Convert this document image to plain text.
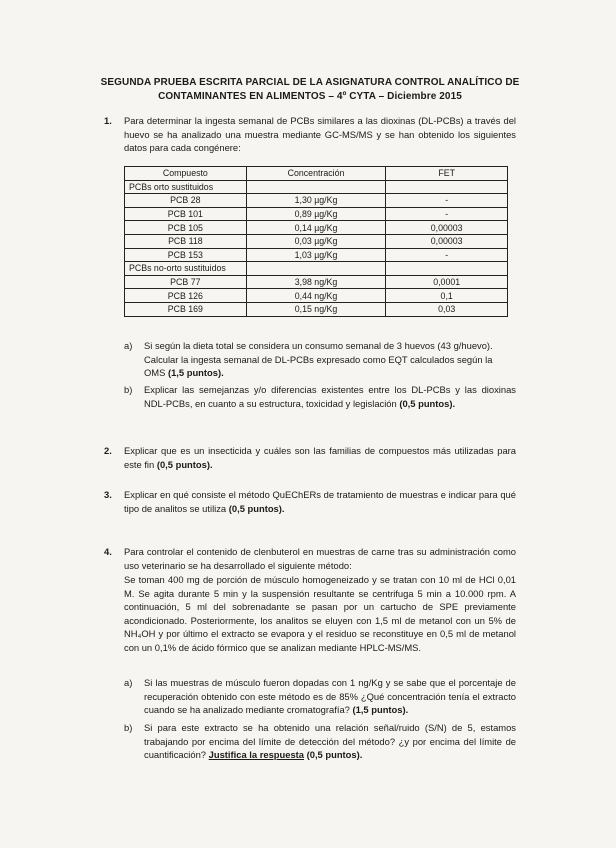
SEGUNDA PRUEBA ESCRITA PARCIAL DE LA ASIGNATURA CONTROL ANALÍTICO DE CONTAMINANTES EN ALIMENTOS – 4º CYTA – Diciembre 2015
1. Para determinar la ingesta semanal de PCBs similares a las dioxinas (DL-PCBs) a través del huevo se ha analizado una muestra mediante GC-MS/MS y se han obtenido los siguientes datos para cada congénere:
Compuesto	Concentración	FET
PCBs orto sustituidos		
PCB 28	1,30 µg/Kg	-
PCB 101	0,89 µg/Kg	-
PCB 105	0,14 µg/Kg	0,00003
PCB 118	0,03 µg/Kg	0,00003
PCB 153	1,03 µg/Kg	-
PCBs no-orto sustituidos		
PCB 77	3,98 ng/Kg	0,0001
PCB 126	0,44 ng/Kg	0,1
PCB 169	0,15 ng/Kg	0,03
a) Si según la dieta total se considera un consumo semanal de 3 huevos (43 g/huevo). Calcular la ingesta semanal de DL-PCBs expresado como EQT calculados según la OMS (1,5 puntos).
b) Explicar las semejanzas y/o diferencias existentes entre los DL-PCBs y las dioxinas NDL-PCBs, en cuanto a su estructura, toxicidad y legislación (0,5 puntos).
2. Explicar que es un insecticida y cuáles son las familias de compuestos más utilizadas para este fin (0,5 puntos).
3. Explicar en qué consiste el método QuEChERs de tratamiento de muestras e indicar para qué tipo de analitos se utiliza (0,5 puntos).
4. Para controlar el contenido de clenbuterol en muestras de carne tras su administración como uso veterinario se ha desarrollado el siguiente método:
Se toman 400 mg de porción de músculo homogeneizado y se tratan con 10 ml de HCl 0,01 M. Se agita durante 5 min y la suspensión resultante se centrifuga 5 min a 10.000 rpm. A continuación, 5 ml del sobrenadante se pasan por un cartucho de SPE previamente acondicionado. Posteriormente, los analitos se eluyen con 1,5 ml de metanol con un 5% de NH₄OH y por último el extracto se evapora y el residuo se reconstituye en 0,5 ml de metanol con un 0,1% de ácido fórmico que se analizan mediante HPLC-MS/MS.
a) Si las muestras de músculo fueron dopadas con 1 ng/Kg y se sabe que el porcentaje de recuperación obtenido con este método es de 85% ¿Qué concentración tenía el extracto cuando se ha analizado mediante cromatografía? (1,5 puntos).
b) Si para este extracto se ha obtenido una relación señal/ruido (S/N) de 5, estamos trabajando por encima del límite de detección del método? ¿y por encima del límite de cuantificación? Justifica la respuesta (0,5 puntos).
